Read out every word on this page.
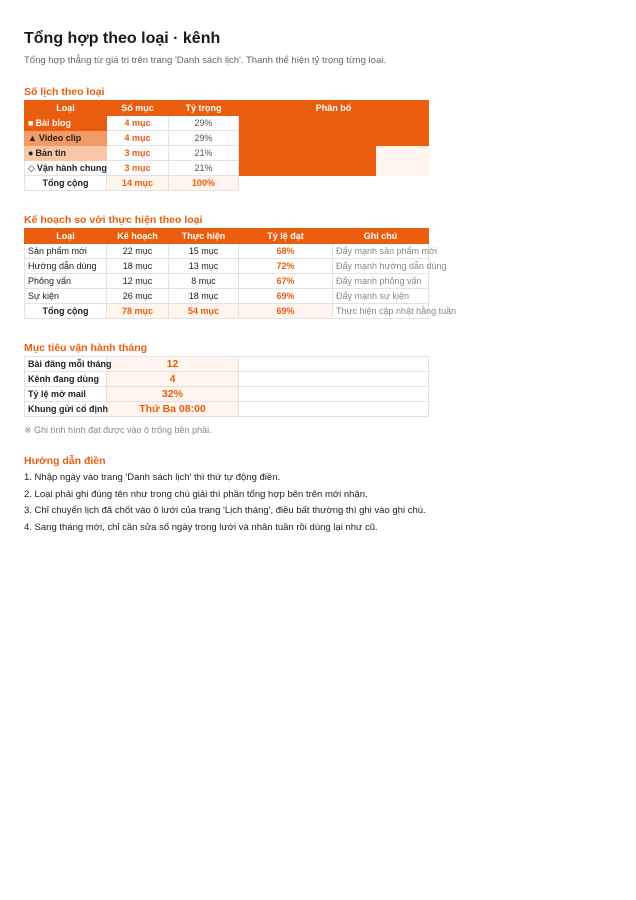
Tổng hợp theo loại · kênh
Tổng hợp thẳng từ giá trị trên trang 'Danh sách lịch'. Thanh thể hiện tỷ trọng từng loại.
Số lịch theo loại
Loại	Số mục	Tỷ trọng	Phân bố
■ Bài blog	4 mục	29%	

▲ Video clip	4 mục	29%	

● Bản tin	3 mục	21%	

◇ Vận hành chung	3 mục	21%	

Tổng cộng	14 mục	100%	
Kế hoạch so với thực hiện theo loại
Loại	Kế hoạch	Thực hiện	Tỷ lệ đạt	Ghi chú
Sản phẩm mới	22 mục	15 mục	68%	Đẩy mạnh sản phẩm mới
Hướng dẫn dùng	18 mục	13 mục	72%	Đẩy mạnh hướng dẫn dùng
Phỏng vấn	12 mục	8 mục	67%	Đẩy mạnh phỏng vấn
Sự kiện	26 mục	18 mục	69%	Đẩy mạnh sự kiện
Tổng cộng	78 mục	54 mục	69%	Thực hiện cập nhật hằng tuần
Mục tiêu vận hành tháng
Bài đăng mỗi tháng	12	
Kênh đang dùng	4	
Tỷ lệ mở mail	32%	
Khung gửi cố định	Thứ Ba 08:00	
※ Ghi tình hình đạt được vào ô trống bên phải.
Hướng dẫn điền
1. Nhập ngày vào trang 'Danh sách lịch' thì thứ tự động điền.
2. Loại phải ghi đúng tên như trong chú giải thì phần tổng hợp bên trên mới nhận.
3. Chỉ chuyển lịch đã chốt vào ô lưới của trang 'Lịch tháng', điều bất thường thì ghi vào ghi chú.
4. Sang tháng mới, chỉ cần sửa số ngày trong lưới và nhân tuần rồi dùng lại như cũ.
